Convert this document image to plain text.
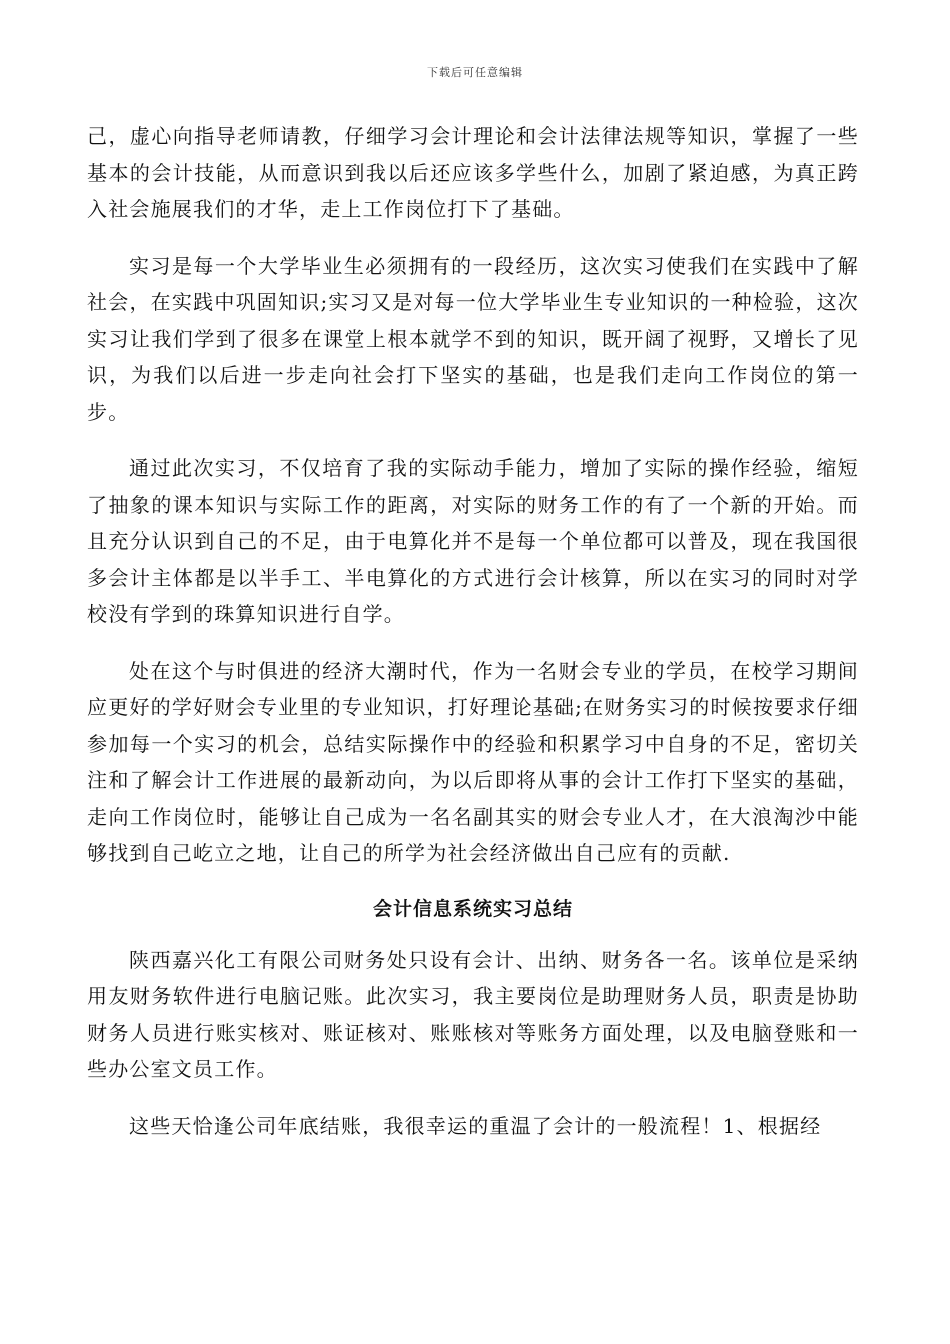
下载后可任意编辑

己，虚心向指导老师请教，仔细学习会计理论和会计法律法规等知识，掌握了一些基本的会计技能，从而意识到我以后还应该多学些什么，加剧了紧迫感，为真正跨入社会施展我们的才华，走上工作岗位打下了基础。

实习是每一个大学毕业生必须拥有的一段经历，这次实习使我们在实践中了解社会，在实践中巩固知识;实习又是对每一位大学毕业生专业知识的一种检验，这次实习让我们学到了很多在课堂上根本就学不到的知识，既开阔了视野，又增长了见识，为我们以后进一步走向社会打下坚实的基础，也是我们走向工作岗位的第一步。

通过此次实习，不仅培育了我的实际动手能力，增加了实际的操作经验，缩短了抽象的课本知识与实际工作的距离，对实际的财务工作的有了一个新的开始。而且充分认识到自己的不足，由于电算化并不是每一个单位都可以普及，现在我国很多会计主体都是以半手工、半电算化的方式进行会计核算，所以在实习的同时对学校没有学到的珠算知识进行自学。

处在这个与时俱进的经济大潮时代，作为一名财会专业的学员，在校学习期间应更好的学好财会专业里的专业知识，打好理论基础;在财务实习的时候按要求仔细参加每一个实习的机会，总结实际操作中的经验和积累学习中自身的不足，密切关注和了解会计工作进展的最新动向，为以后即将从事的会计工作打下坚实的基础，走向工作岗位时，能够让自己成为一名名副其实的财会专业人才，在大浪淘沙中能够找到自己屹立之地，让自己的所学为社会经济做出自己应有的贡献.

会计信息系统实习总结

陕西嘉兴化工有限公司财务处只设有会计、出纳、财务各一名。该单位是采纳用友财务软件进行电脑记账。此次实习，我主要岗位是助理财务人员，职责是协助财务人员进行账实核对、账证核对、账账核对等账务方面处理，以及电脑登账和一些办公室文员工作。

这些天恰逢公司年底结账，我很幸运的重温了会计的一般流程！1、根据经
